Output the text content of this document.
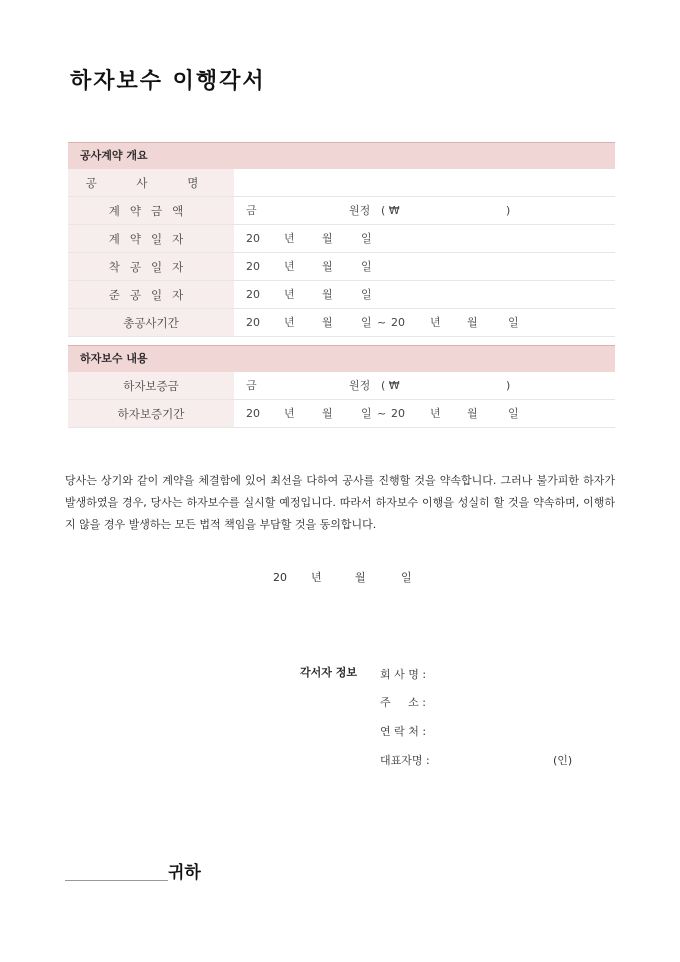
하자보수 이행각서
공사계약 개요
공 사 명
계약금액	금	원정 ( ₩	)
계약일자	20 년 월	일
착공일자	20 년 월	일
준공일자	20 년 월	일
총공사기간	20 년 월	일 ~ 20 년 월	일
하자보수 내용
하자보증금	금	원정 ( ₩	)
하자보증기간	20 년 월	일 ~ 20 년 월	일
당사는 상기와 같이 계약을 체결함에 있어 최선을 다하여 공사를 진행할 것을 약속합니다. 그러나 불가피한 하자가 발생하였을 경우, 당사는 하자보수를 실시할 예정입니다. 따라서 하자보수 이행을 성실히 할 것을 약속하며, 이행하지 않을 경우 발생하는 모든 법적 책임을 부담할 것을 동의합니다.
20 년	월	일
각서자 정보 회 사 명 :
주     소 :
연 락 처 :
대표자명 :	(인)
귀하
